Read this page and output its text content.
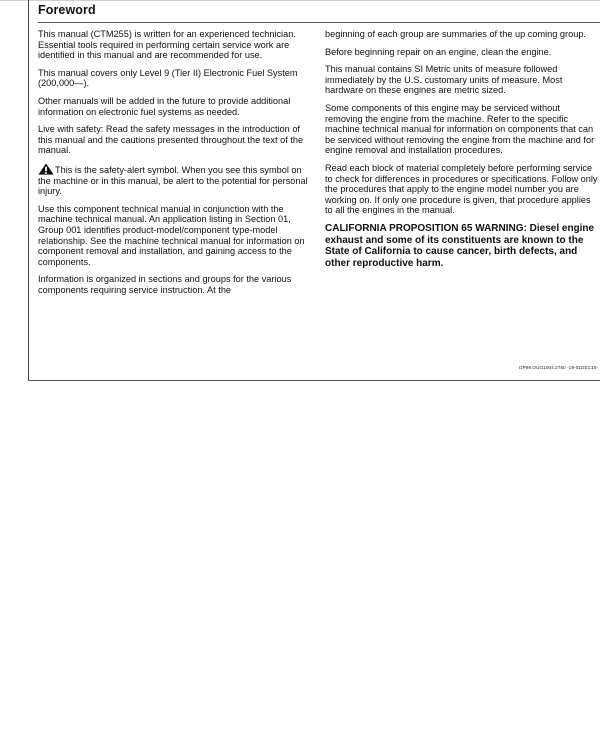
Foreword

This manual (CTM255) is written for an experienced technician. Essential tools required in performing certain service work are identified in this manual and are recommended for use.

This manual covers only Level 9 (Tier II) Electronic Fuel System (200,000—).

Other manuals will be added in the future to provide additional information on electronic fuel systems as needed.

Live with safety: Read the safety messages in the introduction of this manual and the cautions presented throughout the text of the manual.

This is the safety-alert symbol. When you see this symbol on the machine or in this manual, be alert to the potential for personal injury.

Use this component technical manual in conjunction with the machine technical manual. An application listing in Section 01, Group 001 identifies product-model/component type-model relationship. See the machine technical manual for information on component removal and installation, and gaining access to the components.

Information is organized in sections and groups for the various components requiring service instruction. At the

beginning of each group are summaries of the up coming group.

Before beginning repair on an engine, clean the engine.

This manual contains SI Metric units of measure followed immediately by the U.S. customary units of measure. Most hardware on these engines are metric sized.

Some components of this engine may be serviced without removing the engine from the machine. Refer to the specific machine technical manual for information on components that can be serviced without removing the engine from the machine and for engine removal and installation procedures.

Read each block of material completely before performing service to check for differences in procedures or specifications. Follow only the procedures that apply to the engine model number you are working on. If only one procedure is given, that procedure applies to all the engines in the manual.

CALIFORNIA PROPOSITION 65 WARNING: Diesel engine exhaust and some of its constituents are known to the State of California to cause cancer, birth defects, and other reproductive harm.

DP99,OUO1004,2760 -19-01DEC10-
